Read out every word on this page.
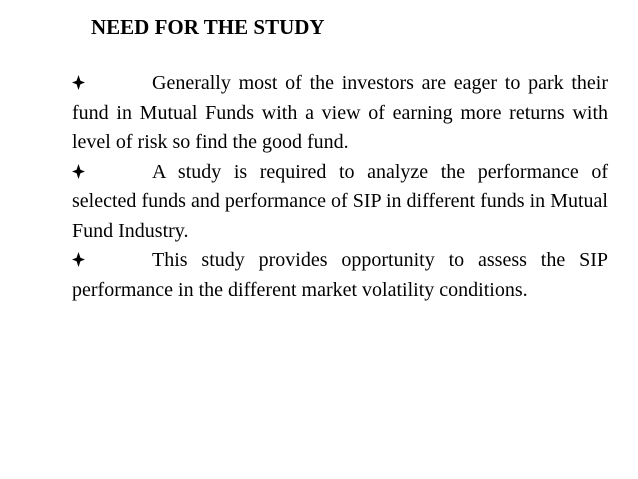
NEED FOR THE STUDY

Generally most of the investors are eager to park their fund in Mutual Funds with a view of earning more returns with level of risk so find the good fund.

A study is required to analyze the performance of selected funds and performance of SIP in different funds in Mutual Fund Industry.

This study provides opportunity to assess the SIP performance in the different market volatility conditions.
